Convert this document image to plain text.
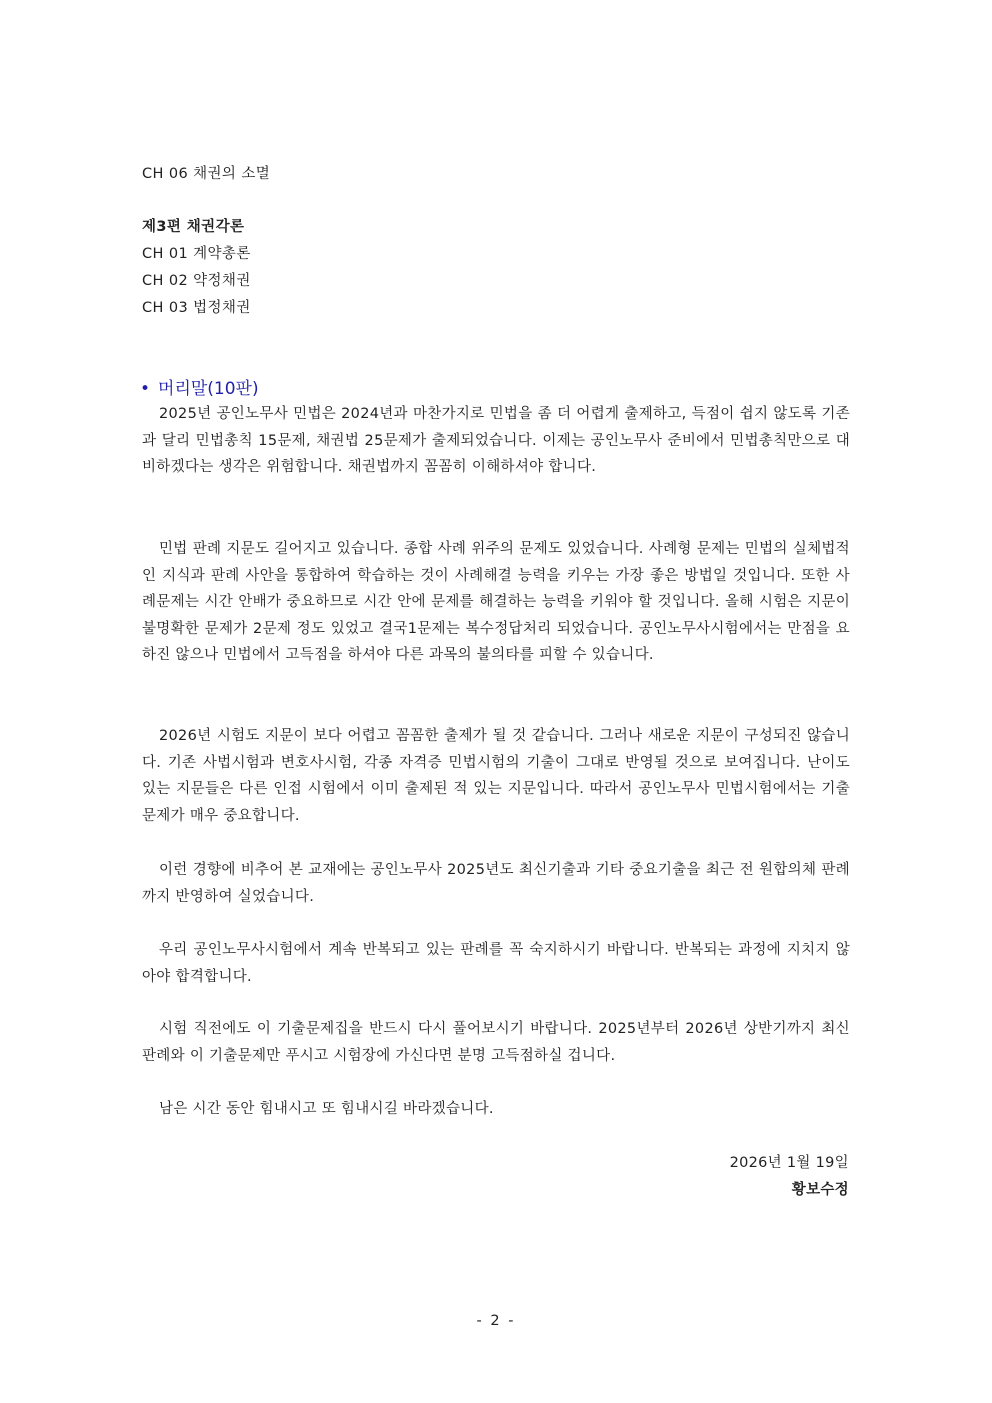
CH 06 채권의 소멸
제3편 채권각론
CH 01 계약총론
CH 02 약정채권
CH 03 법정채권
• 머리말(10판)
2025년 공인노무사 민법은 2024년과 마찬가지로 민법을 좀 더 어렵게 출제하고, 득점이 쉽지 않도록 기존과 달리 민법총칙 15문제, 채권법 25문제가 출제되었습니다. 이제는 공인노무사 준비에서 민법총칙만으로 대비하겠다는 생각은 위험합니다. 채권법까지 꼼꼼히 이해하셔야 합니다.
민법 판례 지문도 길어지고 있습니다. 종합 사례 위주의 문제도 있었습니다. 사례형 문제는 민법의 실체법적인 지식과 판례 사안을 통합하여 학습하는 것이 사례해결 능력을 키우는 가장 좋은 방법일 것입니다. 또한 사례문제는 시간 안배가 중요하므로 시간 안에 문제를 해결하는 능력을 키워야 할 것입니다. 올해 시험은 지문이 불명확한 문제가 2문제 정도 있었고 결국1문제는 복수정답처리 되었습니다. 공인노무사시험에서는 만점을 요하진 않으나 민법에서 고득점을 하셔야 다른 과목의 불의타를 피할 수 있습니다.
2026년 시험도 지문이 보다 어렵고 꼼꼼한 출제가 될 것 같습니다. 그러나 새로운 지문이 구성되진 않습니다. 기존 사법시험과 변호사시험, 각종 자격증 민법시험의 기출이 그대로 반영될 것으로 보여집니다. 난이도 있는 지문들은 다른 인접 시험에서 이미 출제된 적 있는 지문입니다. 따라서 공인노무사 민법시험에서는 기출문제가 매우 중요합니다.
이런 경향에 비추어 본 교재에는 공인노무사 2025년도 최신기출과 기타 중요기출을 최근 전 원합의체 판례까지 반영하여 실었습니다.
우리 공인노무사시험에서 계속 반복되고 있는 판례를 꼭 숙지하시기 바랍니다. 반복되는 과정에 지치지 않아야 합격합니다.
시험 직전에도 이 기출문제집을 반드시 다시 풀어보시기 바랍니다. 2025년부터 2026년 상반기까지 최신판례와 이 기출문제만 푸시고 시험장에 가신다면 분명 고득점하실 겁니다.
남은 시간 동안 힘내시고 또 힘내시길 바라겠습니다.
2026년 1월 19일
황보수정
- 2 -
